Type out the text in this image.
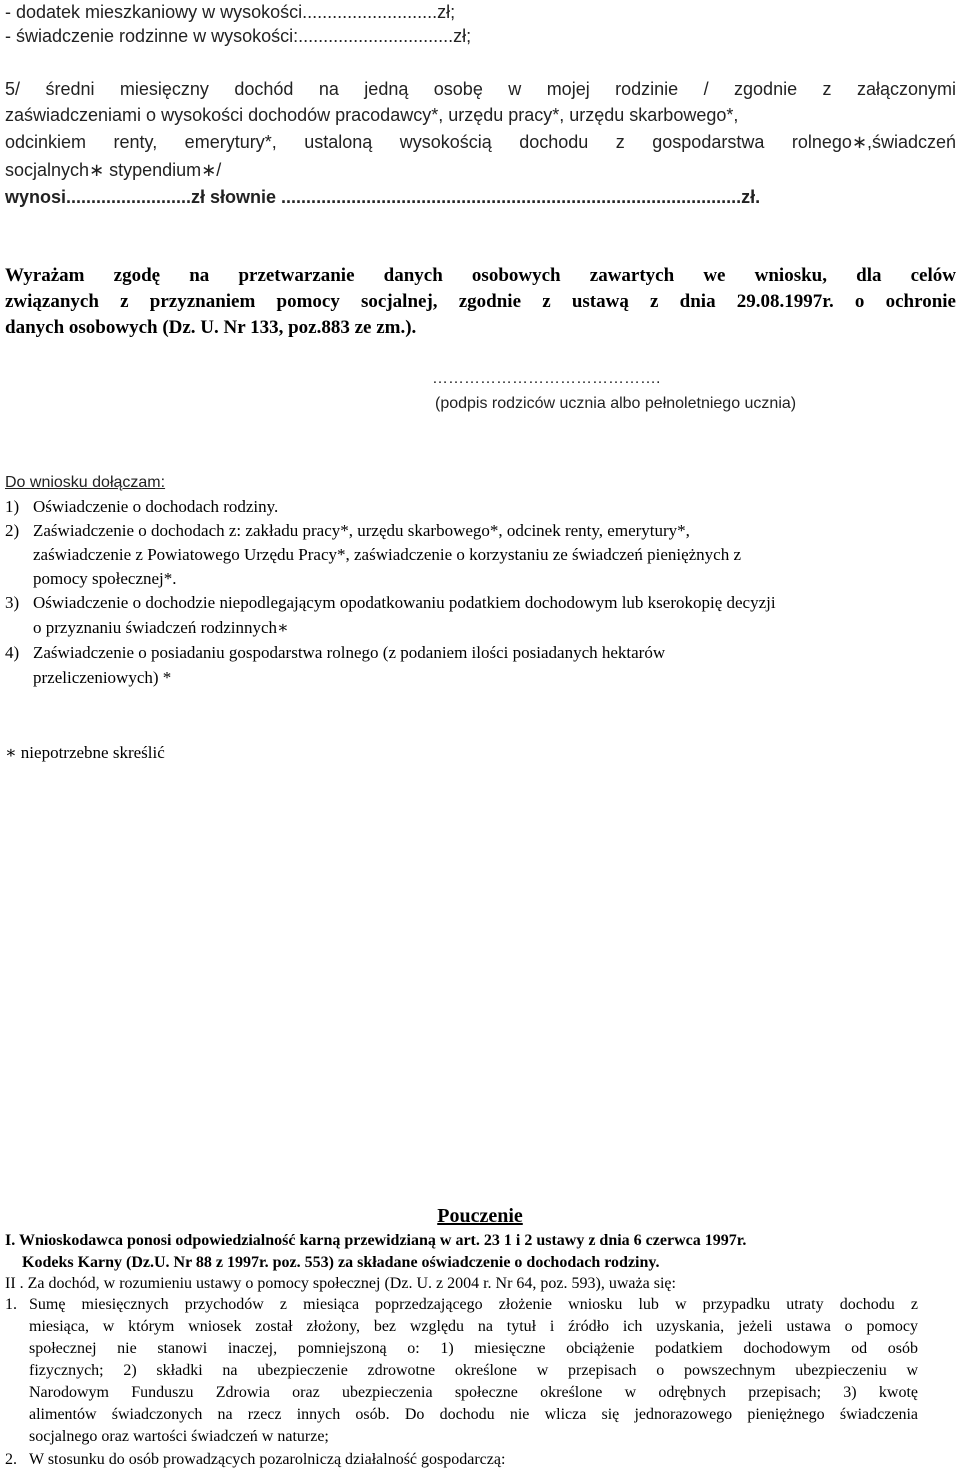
- dodatek mieszkaniowy w wysokości...........................zł;
- świadczenie rodzinne w wysokości:...............................zł;
5/ średni miesięczny dochód na jedną osobę w mojej rodzinie / zgodnie z załączonymi
zaświadczeniami o wysokości dochodów pracodawcy*, urzędu pracy*, urzędu skarbowego*,
odcinkiem renty, emerytury*, ustaloną wysokością dochodu z gospodarstwa rolnego∗,świadczeń
socjalnych∗ stypendium∗/
wynosi.........................zł słownie ............................................................................................zł.
Wyrażam zgodę na przetwarzanie danych osobowych zawartych we wniosku, dla celów
związanych z przyznaniem pomocy socjalnej, zgodnie z ustawą z dnia 29.08.1997r. o ochronie
danych osobowych (Dz. U. Nr 133, poz.883 ze zm.).
…………………………………….
(podpis rodziców ucznia albo pełnoletniego ucznia)
Do wniosku dołączam:
1) Oświadczenie o dochodach rodziny.
2) Zaświadczenie o dochodach z: zakładu pracy*, urzędu skarbowego*, odcinek renty, emerytury*,
zaświadczenie z Powiatowego Urzędu Pracy*, zaświadczenie o korzystaniu ze świadczeń pieniężnych z
pomocy społecznej*.
3) Oświadczenie o dochodzie niepodlegającym opodatkowaniu podatkiem dochodowym lub kserokopię decyzji
o przyznaniu świadczeń rodzinnych∗
4) Zaświadczenie o posiadaniu gospodarstwa rolnego (z podaniem ilości posiadanych hektarów
przeliczeniowych) *
∗ niepotrzebne skreślić
Pouczenie
I. Wnioskodawca ponosi odpowiedzialność karną przewidzianą w art. 23 1 i 2 ustawy z dnia 6 czerwca 1997r.
Kodeks Karny (Dz.U. Nr 88 z 1997r. poz. 553) za składane oświadczenie o dochodach rodziny.
II . Za dochód, w rozumieniu ustawy o pomocy społecznej (Dz. U. z 2004 r. Nr 64, poz. 593), uważa się:
1. Sumę miesięcznych przychodów z miesiąca poprzedzającego złożenie wniosku lub w przypadku utraty dochodu z
miesiąca, w którym wniosek został złożony, bez względu na tytuł i źródło ich uzyskania, jeżeli ustawa o pomocy
społecznej nie stanowi inaczej, pomniejszoną o: 1) miesięczne obciążenie podatkiem dochodowym od osób
fizycznych; 2) składki na ubezpieczenie zdrowotne określone w przepisach o powszechnym ubezpieczeniu w
Narodowym Funduszu Zdrowia oraz ubezpieczenia społeczne określone w odrębnych przepisach; 3) kwotę
alimentów świadczonych na rzecz innych osób. Do dochodu nie wlicza się jednorazowego pieniężnego świadczenia
socjalnego oraz wartości świadczeń w naturze;
2. W stosunku do osób prowadzących pozarolniczą działalność gospodarczą:
